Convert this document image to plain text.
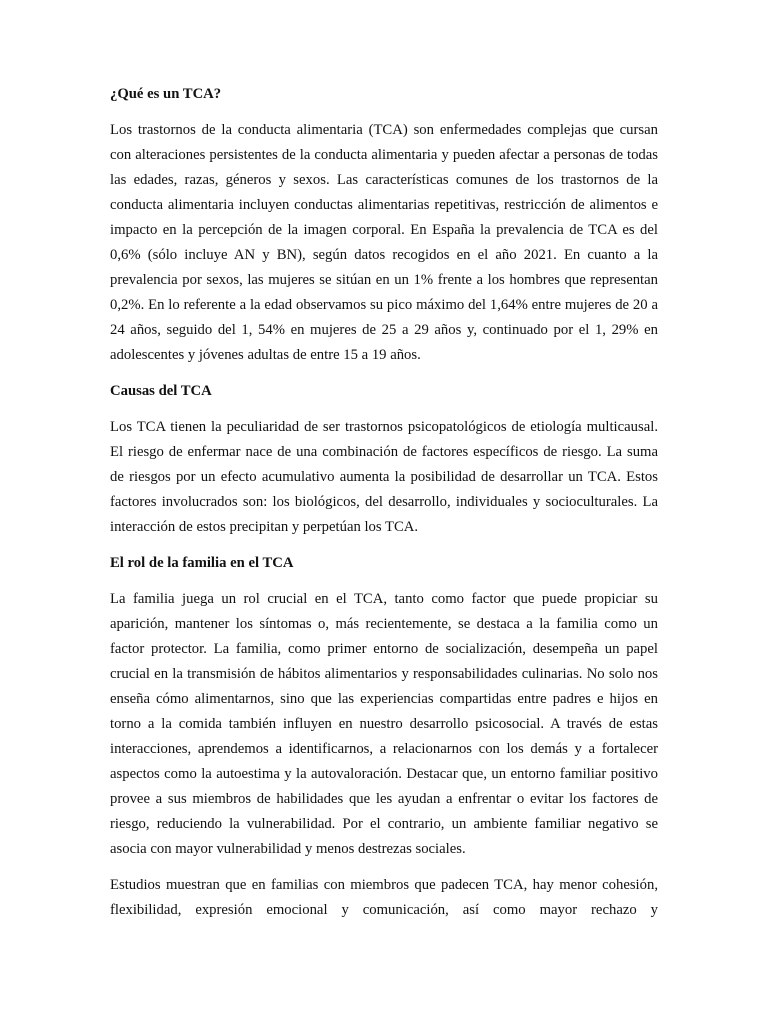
¿Qué es un TCA?

Los trastornos de la conducta alimentaria (TCA) son enfermedades complejas que cursan con alteraciones persistentes de la conducta alimentaria y pueden afectar a personas de todas las edades, razas, géneros y sexos. Las características comunes de los trastornos de la conducta alimentaria incluyen conductas alimentarias repetitivas, restricción de alimentos e impacto en la percepción de la imagen corporal. En España la prevalencia de TCA es del 0,6% (sólo incluye AN y BN), según datos recogidos en el año 2021. En cuanto a la prevalencia por sexos, las mujeres se sitúan en un 1% frente a los hombres que representan 0,2%. En lo referente a la edad observamos su pico máximo del 1,64% entre mujeres de 20 a 24 años, seguido del 1, 54% en mujeres de 25 a 29 años y, continuado por el 1, 29% en adolescentes y jóvenes adultas de entre 15 a 19 años.

Causas del TCA

Los TCA tienen la peculiaridad de ser trastornos psicopatológicos de etiología multicausal. El riesgo de enfermar nace de una combinación de factores específicos de riesgo. La suma de riesgos por un efecto acumulativo aumenta la posibilidad de desarrollar un TCA. Estos factores involucrados son: los biológicos, del desarrollo, individuales y socioculturales. La interacción de estos precipitan y perpetúan los TCA.

El rol de la familia en el TCA

La familia juega un rol crucial en el TCA, tanto como factor que puede propiciar su aparición, mantener los síntomas o, más recientemente, se destaca a la familia como un factor protector. La familia, como primer entorno de socialización, desempeña un papel crucial en la transmisión de hábitos alimentarios y responsabilidades culinarias. No solo nos enseña cómo alimentarnos, sino que las experiencias compartidas entre padres e hijos en torno a la comida también influyen en nuestro desarrollo psicosocial. A través de estas interacciones, aprendemos a identificarnos, a relacionarnos con los demás y a fortalecer aspectos como la autoestima y la autovaloración. Destacar que, un entorno familiar positivo provee a sus miembros de habilidades que les ayudan a enfrentar o evitar los factores de riesgo, reduciendo la vulnerabilidad. Por el contrario, un ambiente familiar negativo se asocia con mayor vulnerabilidad y menos destrezas sociales.

Estudios muestran que en familias con miembros que padecen TCA, hay menor cohesión, flexibilidad, expresión emocional y comunicación, así como mayor rechazo y
